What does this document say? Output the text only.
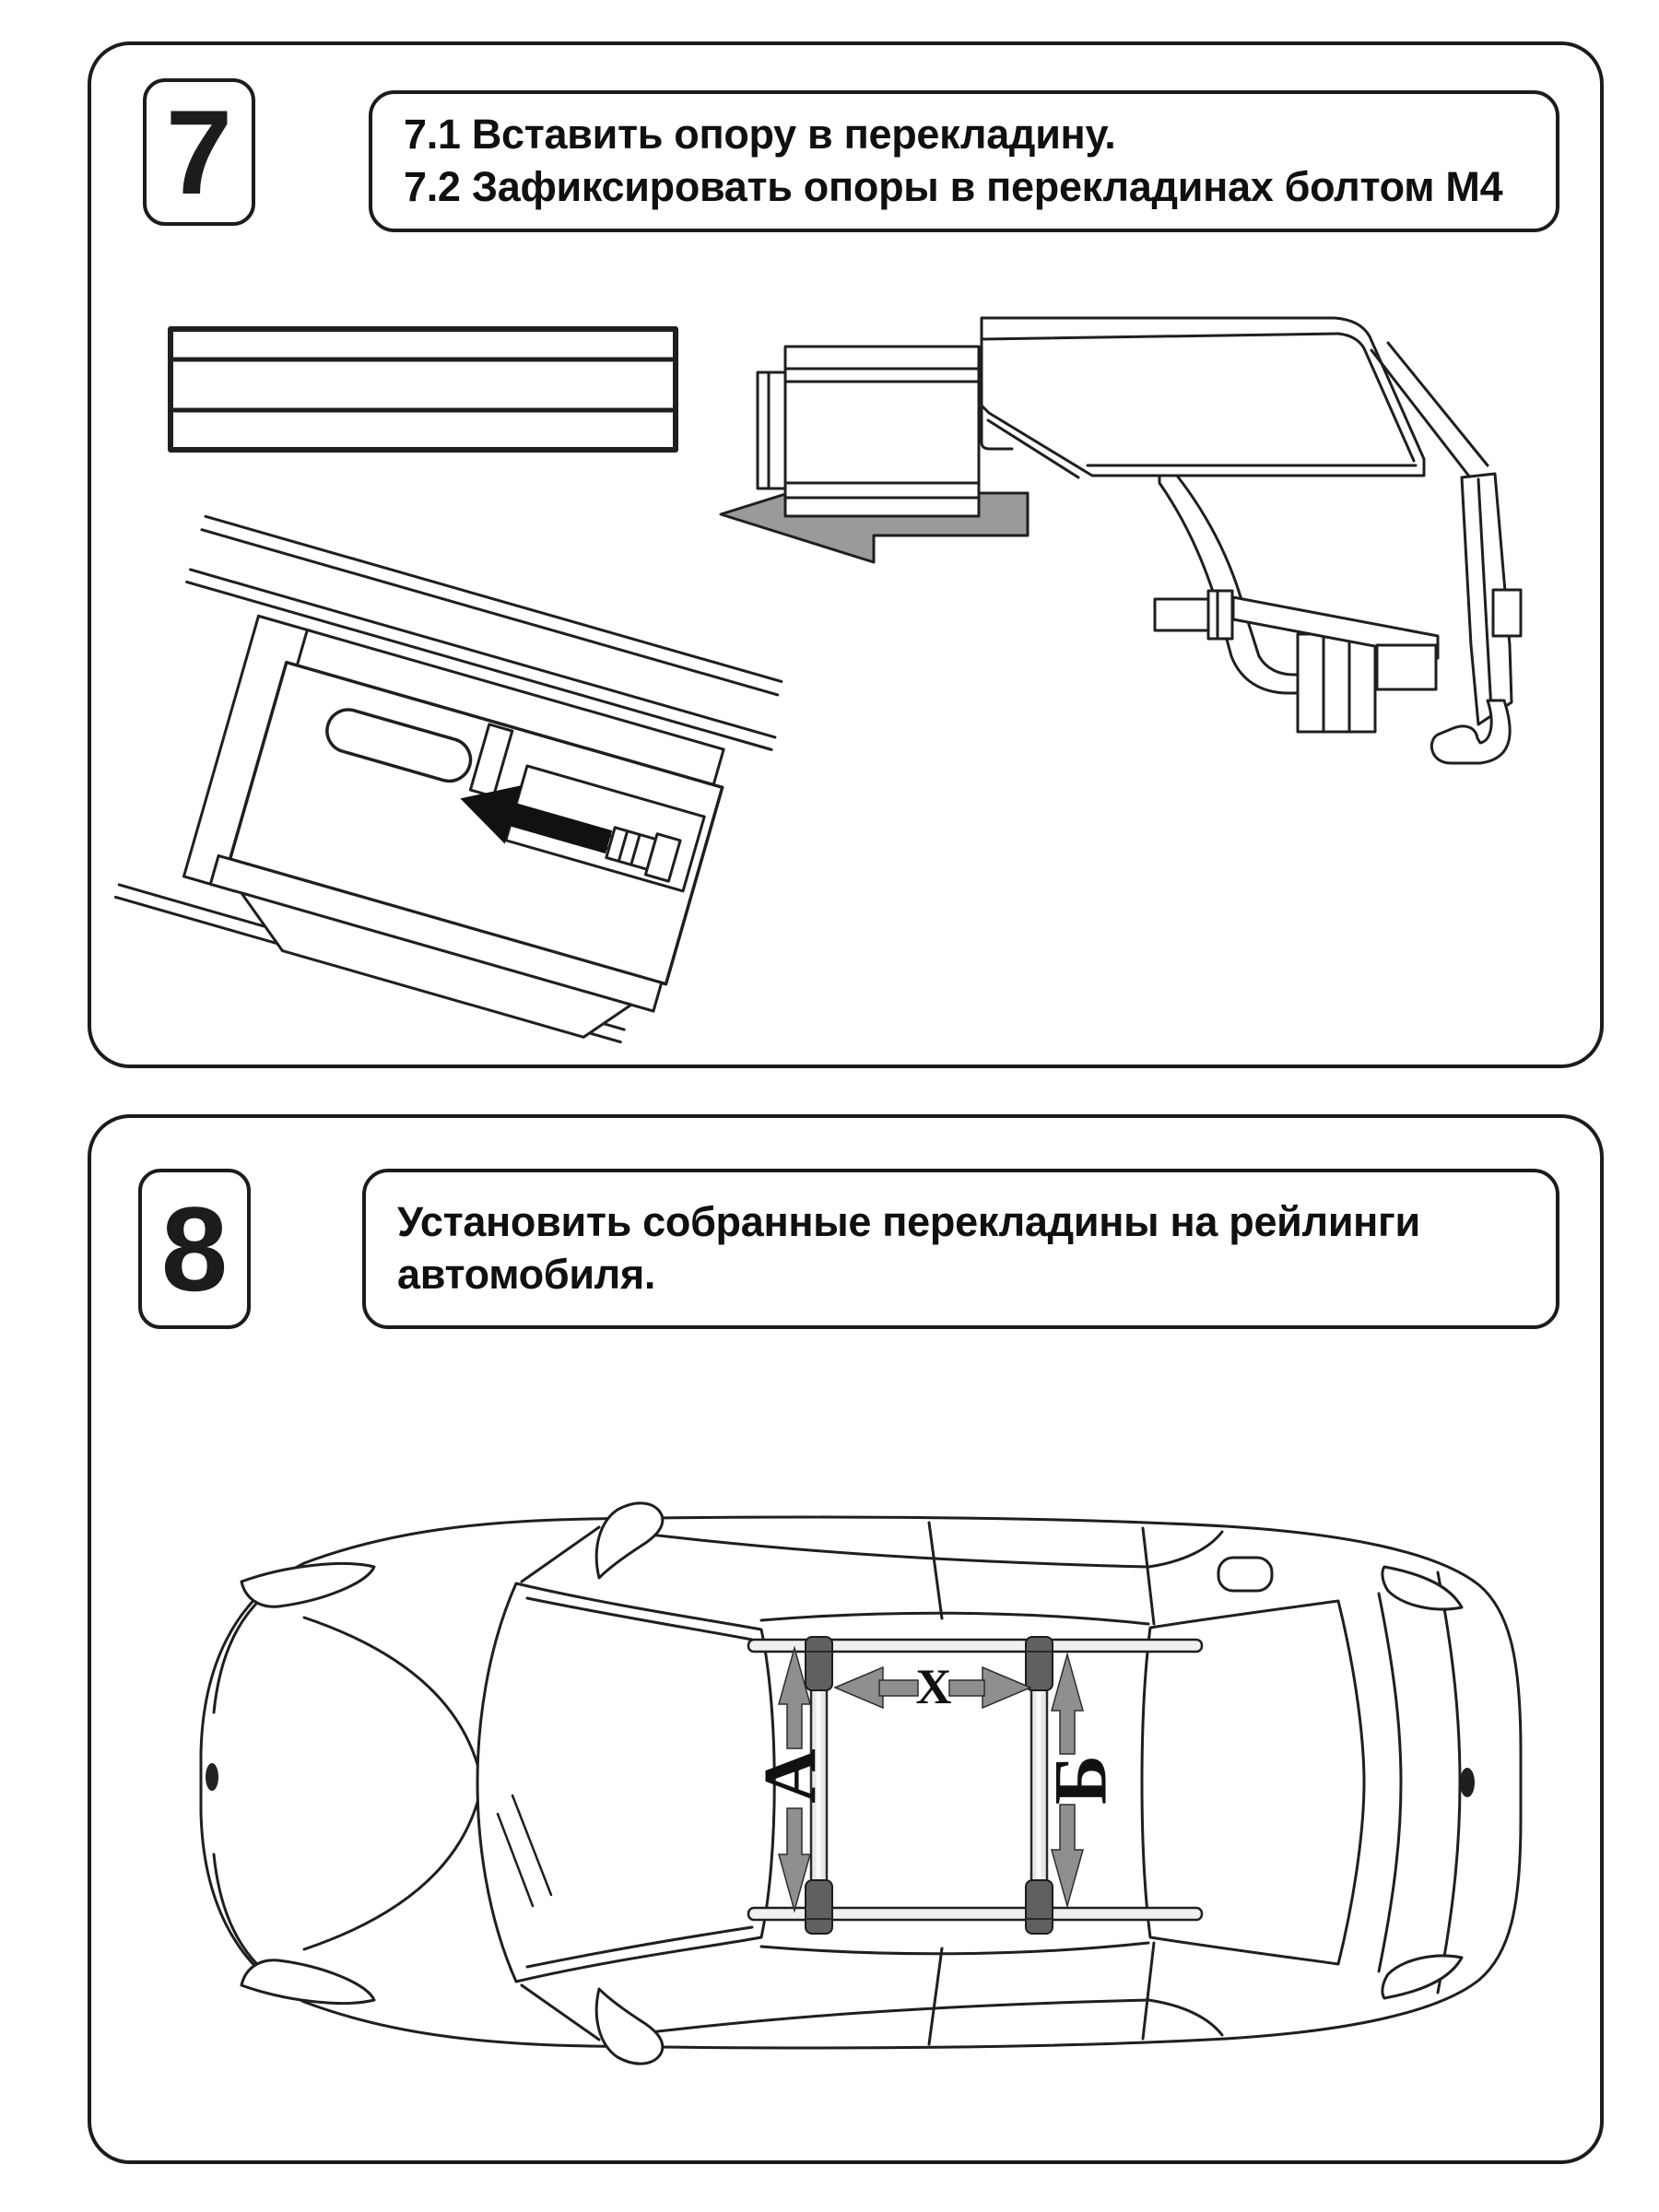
А	Б
X
7	7.1 Вставить опору в перекладину.
7.2 Зафиксировать опоры в перекладинах болтом М4
8	Установить собранные перекладины на рейлинги
автомобиля.
